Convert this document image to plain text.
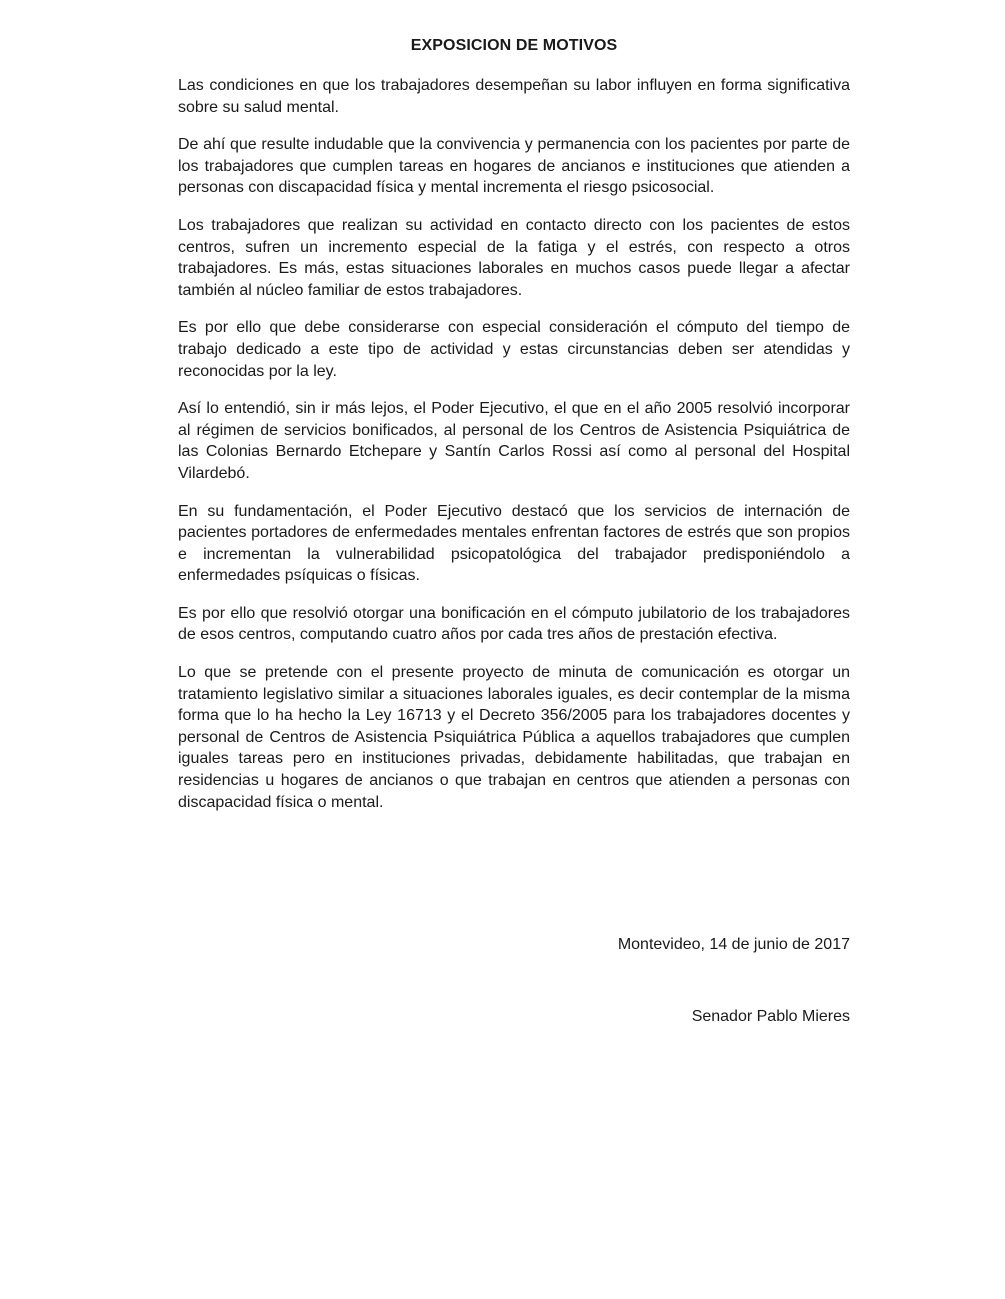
EXPOSICION DE MOTIVOS

Las condiciones en que los trabajadores desempeñan su labor influyen en forma significativa sobre su salud mental.

De ahí que resulte indudable que la convivencia y permanencia con los pacientes por parte de los trabajadores que cumplen tareas en hogares de ancianos e instituciones que atienden a personas con discapacidad física y mental incrementa el riesgo psicosocial.

Los trabajadores que realizan su actividad en contacto directo con los pacientes de estos centros, sufren un incremento especial de la fatiga y el estrés, con respecto a otros trabajadores. Es más, estas situaciones laborales en muchos casos puede llegar a afectar también al núcleo familiar de estos trabajadores.

Es por ello que debe considerarse con especial consideración el cómputo del tiempo de trabajo dedicado a este tipo de actividad y estas circunstancias deben ser atendidas y reconocidas por la ley.

Así lo entendió, sin ir más lejos, el Poder Ejecutivo, el que en el año 2005 resolvió incorporar al régimen de servicios bonificados, al personal de los Centros de Asistencia Psiquiátrica de las Colonias Bernardo Etchepare y Santín Carlos Rossi así como al personal del Hospital Vilardebó.

En su fundamentación, el Poder Ejecutivo destacó que los servicios de internación de pacientes portadores de enfermedades mentales enfrentan factores de estrés que son propios e incrementan la vulnerabilidad psicopatológica del trabajador predisponiéndolo a enfermedades psíquicas o físicas.

Es por ello que resolvió otorgar una bonificación en el cómputo jubilatorio de los trabajadores de esos centros, computando cuatro años por cada tres años de prestación efectiva.

Lo que se pretende con el presente proyecto de minuta de comunicación es otorgar un tratamiento legislativo similar a situaciones laborales iguales, es decir contemplar de la misma forma que lo ha hecho la Ley 16713 y el Decreto 356/2005 para los trabajadores docentes y personal de Centros de Asistencia Psiquiátrica Pública a aquellos trabajadores que cumplen iguales tareas pero en instituciones privadas, debidamente habilitadas, que trabajan en residencias u hogares de ancianos o que trabajan en centros que atienden a personas con discapacidad física o mental.

Montevideo, 14 de junio de 2017
Senador Pablo Mieres
